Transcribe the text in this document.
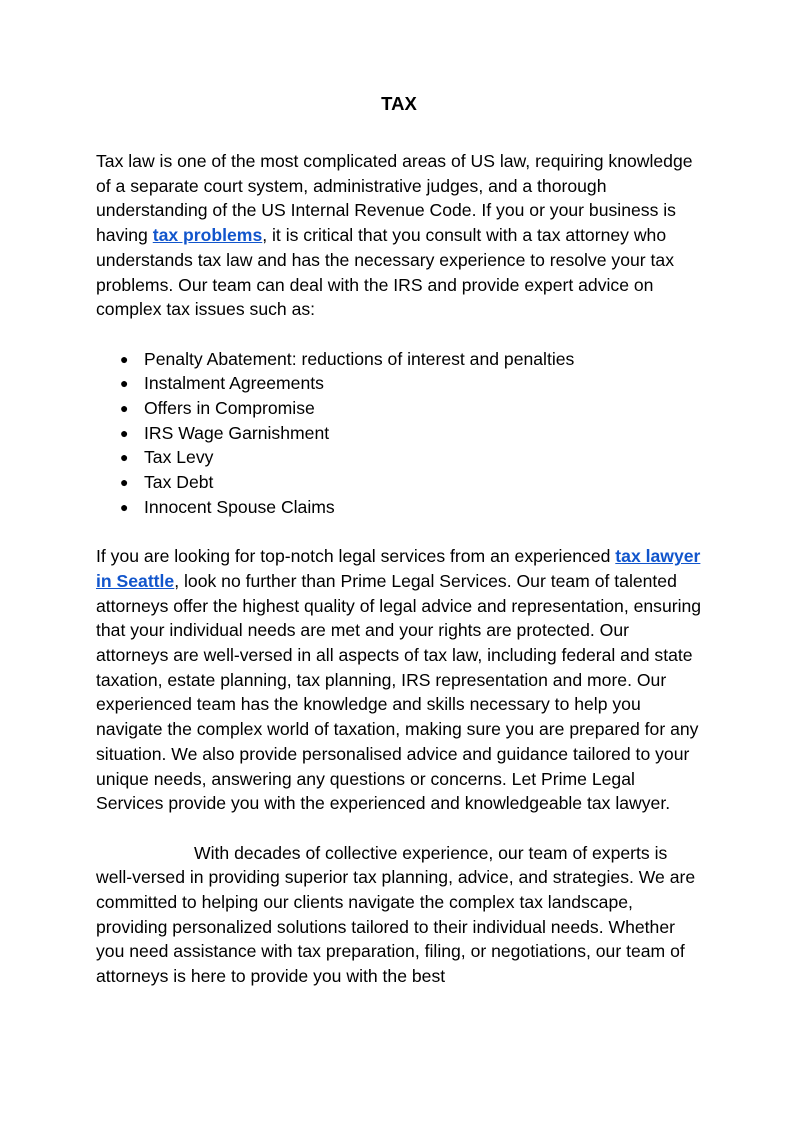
TAX

Tax law is one of the most complicated areas of US law, requiring knowledge of a separate court system, administrative judges, and a thorough understanding of the US Internal Revenue Code. If you or your business is having tax problems, it is critical that you consult with a tax attorney who understands tax law and has the necessary experience to resolve your tax problems. Our team can deal with the IRS and provide expert advice on complex tax issues such as:

● Penalty Abatement: reductions of interest and penalties
● Instalment Agreements
● Offers in Compromise
● IRS Wage Garnishment
● Tax Levy
● Tax Debt
● Innocent Spouse Claims

If you are looking for top-notch legal services from an experienced tax lawyer in Seattle, look no further than Prime Legal Services. Our team of talented attorneys offer the highest quality of legal advice and representation, ensuring that your individual needs are met and your rights are protected. Our attorneys are well-versed in all aspects of tax law, including federal and state taxation, estate planning, tax planning, IRS representation and more. Our experienced team has the knowledge and skills necessary to help you navigate the complex world of taxation, making sure you are prepared for any situation. We also provide personalised advice and guidance tailored to your unique needs, answering any questions or concerns. Let Prime Legal Services provide you with the experienced and knowledgeable tax lawyer.

With decades of collective experience, our team of experts is well-versed in providing superior tax planning, advice, and strategies. We are committed to helping our clients navigate the complex tax landscape, providing personalized solutions tailored to their individual needs. Whether you need assistance with tax preparation, filing, or negotiations, our team of attorneys is here to provide you with the best
